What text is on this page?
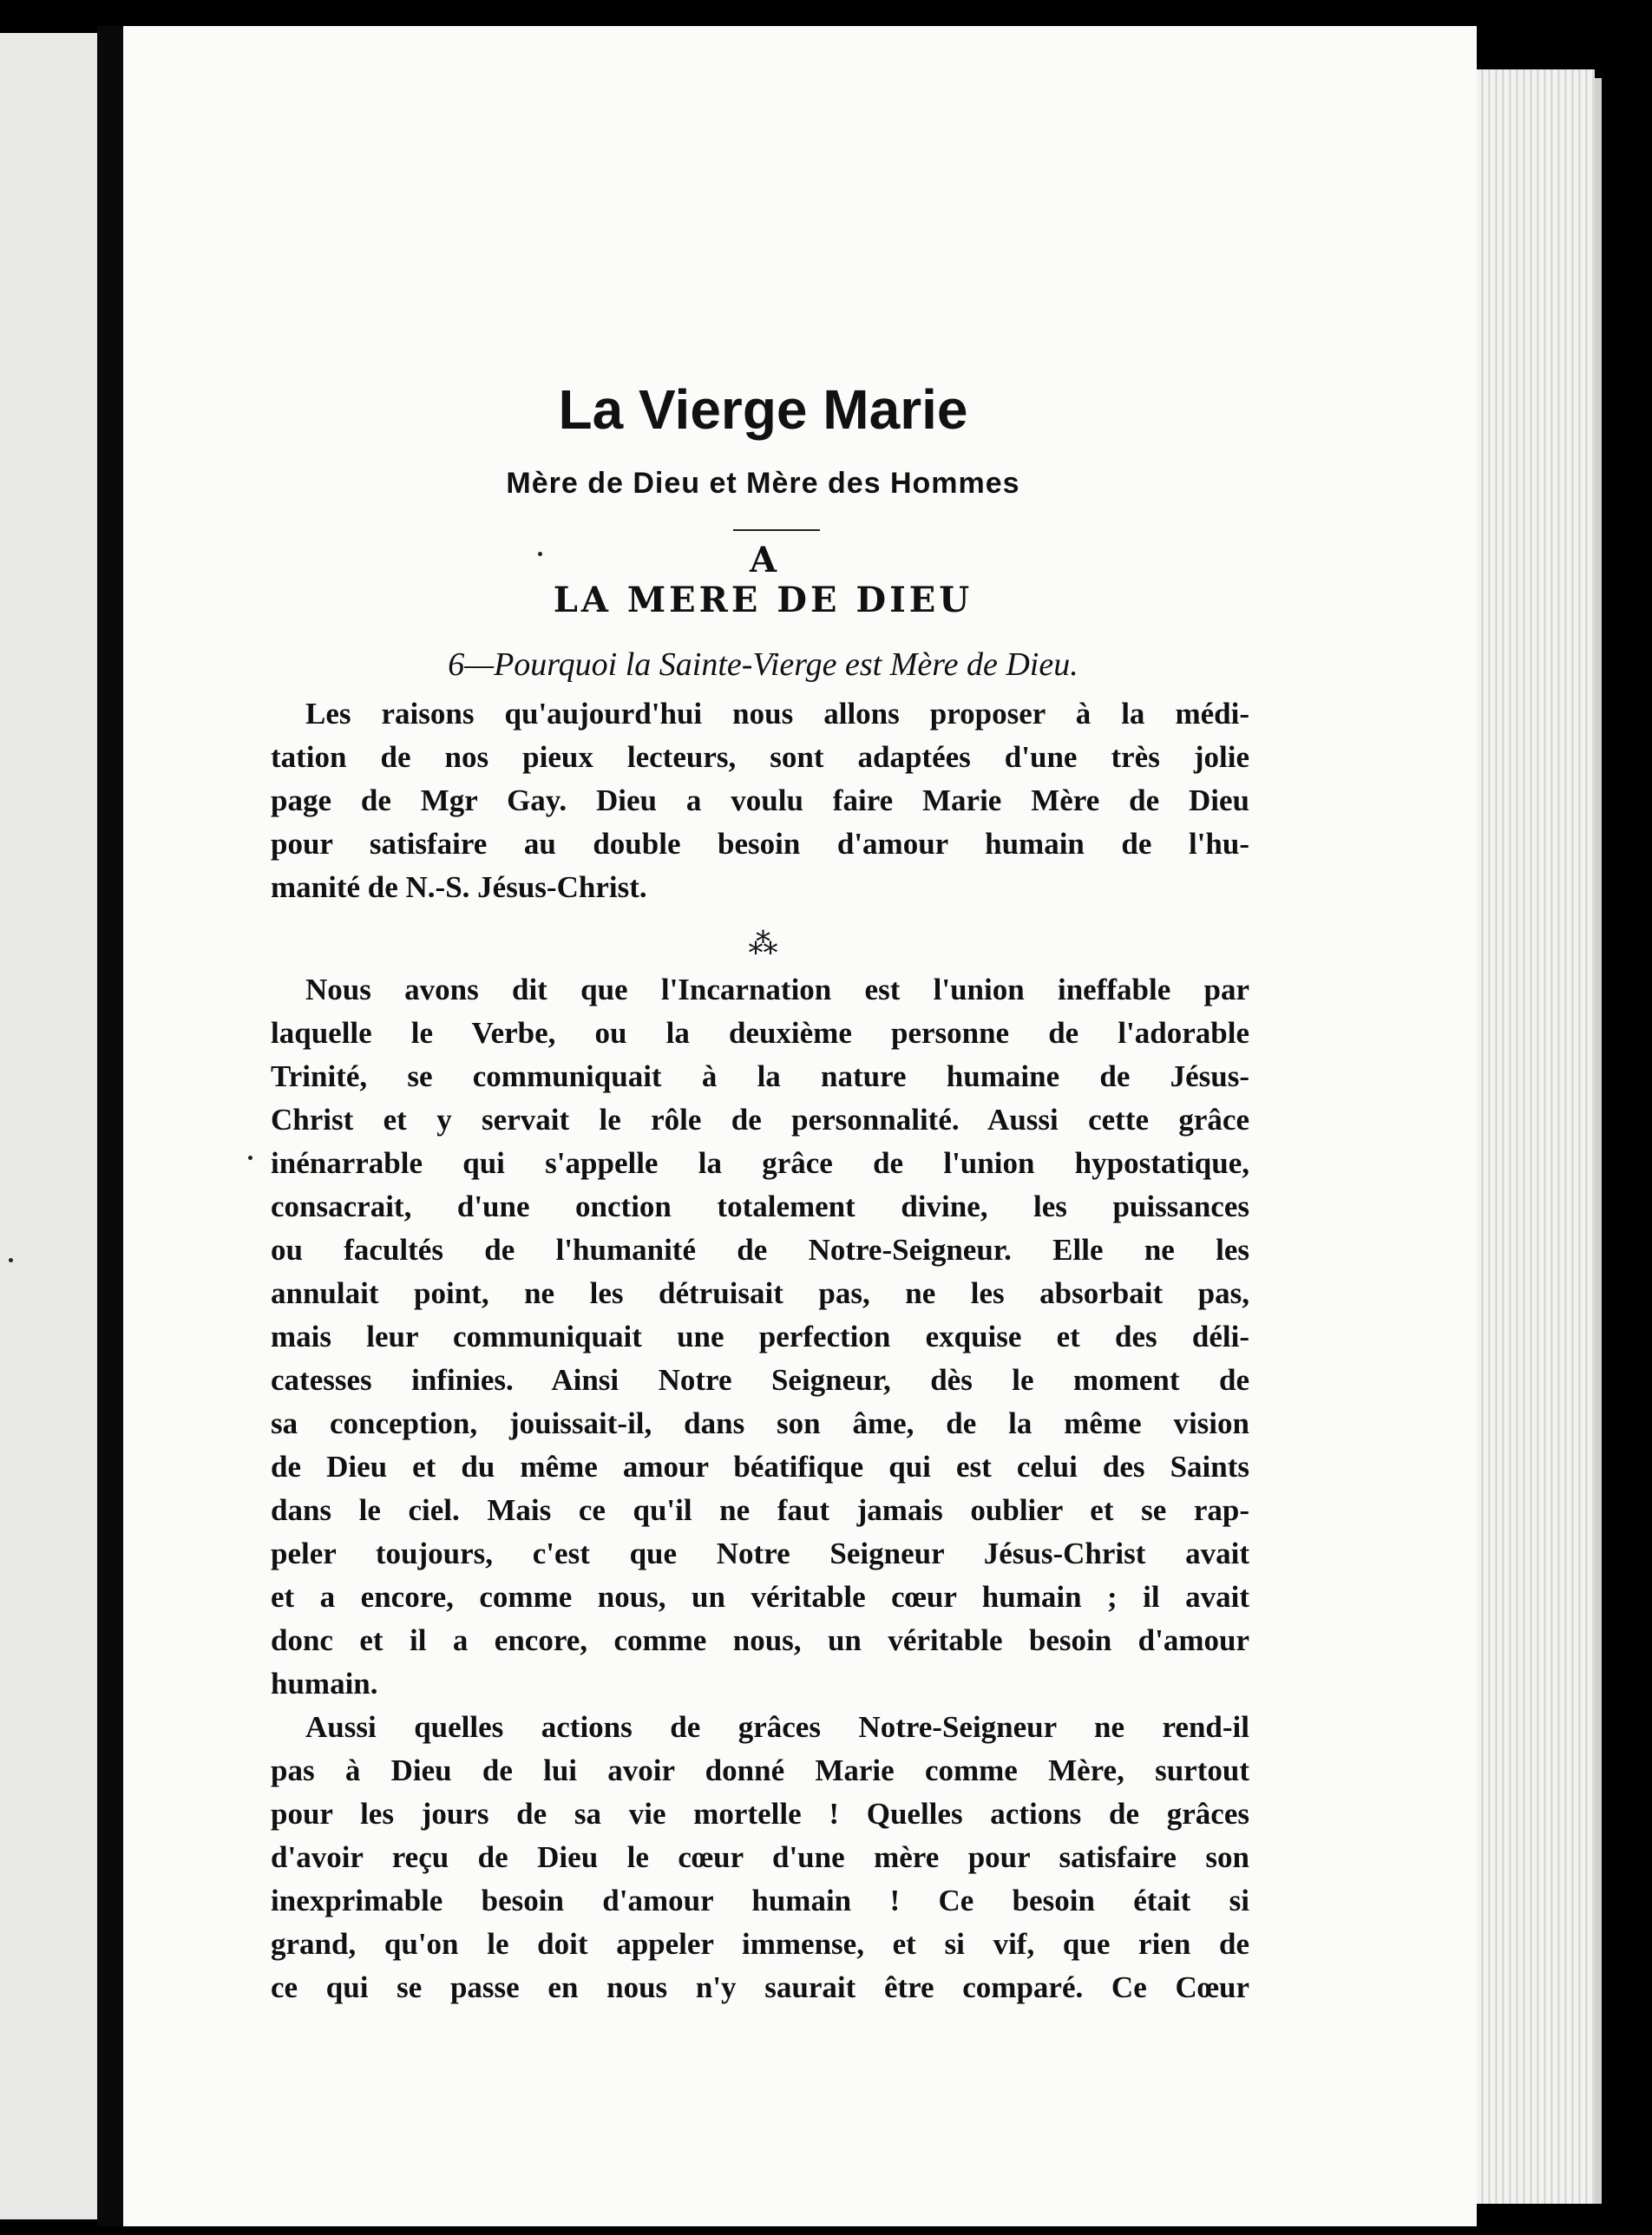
La Vierge Marie
Mère de Dieu et Mère des Hommes
A
LA MERE DE DIEU
6—Pourquoi la Sainte-Vierge est Mère de Dieu.
Les raisons qu'aujourd'hui nous allons proposer à la médi-
tation de nos pieux lecteurs, sont adaptées d'une très jolie
page de Mgr Gay. Dieu a voulu faire Marie Mère de Dieu
pour satisfaire au double besoin d'amour humain de l'hu-
manité de N.-S. Jésus-Christ.
⁂
Nous avons dit que l'Incarnation est l'union ineffable par
laquelle le Verbe, ou la deuxième personne de l'adorable
Trinité, se communiquait à la nature humaine de Jésus-
Christ et y servait le rôle de personnalité. Aussi cette grâce
inénarrable qui s'appelle la grâce de l'union hypostatique,
consacrait, d'une onction totalement divine, les puissances
ou facultés de l'humanité de Notre-Seigneur. Elle ne les
annulait point, ne les détruisait pas, ne les absorbait pas,
mais leur communiquait une perfection exquise et des déli-
catesses infinies. Ainsi Notre Seigneur, dès le moment de
sa conception, jouissait-il, dans son âme, de la même vision
de Dieu et du même amour béatifique qui est celui des Saints
dans le ciel. Mais ce qu'il ne faut jamais oublier et se rap-
peler toujours, c'est que Notre Seigneur Jésus-Christ avait
et a encore, comme nous, un véritable cœur humain ; il avait
donc et il a encore, comme nous, un véritable besoin d'amour
humain.
Aussi quelles actions de grâces Notre-Seigneur ne rend-il
pas à Dieu de lui avoir donné Marie comme Mère, surtout
pour les jours de sa vie mortelle ! Quelles actions de grâces
d'avoir reçu de Dieu le cœur d'une mère pour satisfaire son
inexprimable besoin d'amour humain ! Ce besoin était si
grand, qu'on le doit appeler immense, et si vif, que rien de
ce qui se passe en nous n'y saurait être comparé. Ce Cœur
